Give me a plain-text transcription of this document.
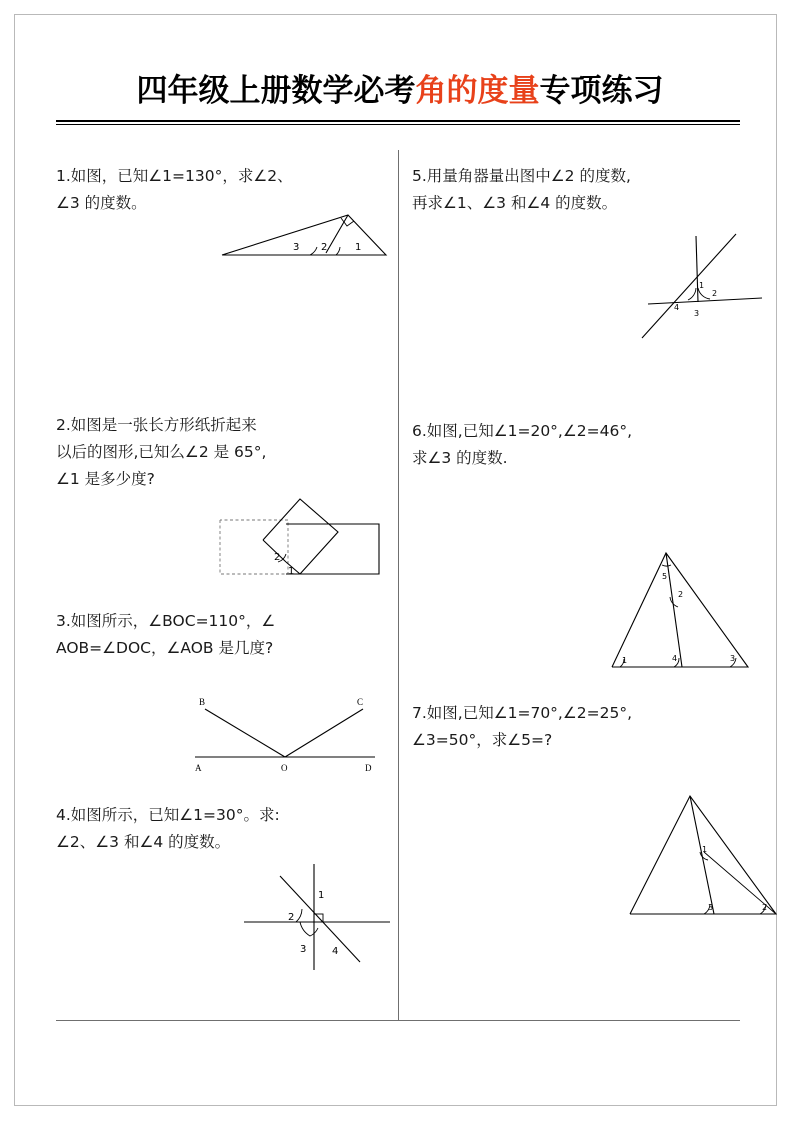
四年级上册数学必考角的度量专项练习
1.如图，已知∠1=130°，求∠2、
∠3 的度数。
3 2	1
2.如图是一张长方形纸折起来
以后的图形,已知么∠2 是 65°,
∠1 是多少度?
2
1
3.如图所示，∠BOC=110°，∠
AOB=∠DOC，∠AOB 是几度?
B	C
A	O	D
4.如图所示，已知∠1=30°。求:
∠2、∠3 和∠4 的度数。
1
2
3	4
5.用量角器量出图中∠2 的度数,
再求∠1、∠3 和∠4 的度数。
1
2
4
3
6.如图,已知∠1=20°,∠2=46°,
求∠3 的度数.
5
2
1	4	3
7.如图,已知∠1=70°,∠2=25°,
∠3=50°，求∠5=?
1
3	2
